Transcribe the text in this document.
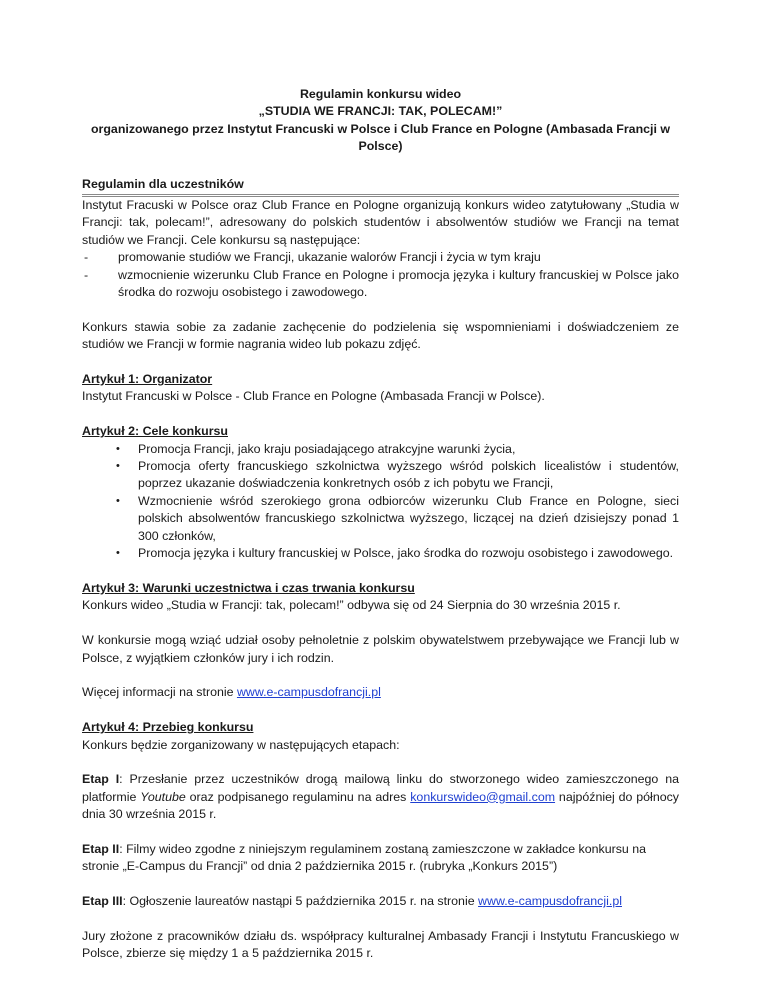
Regulamin konkursu wideo
„STUDIA WE FRANCJI: TAK, POLECAM!”
organizowanego przez Instytut Francuski w Polsce i Club France en Pologne (Ambasada Francji w
Polsce)
Regulamin dla uczestników

Instytut Fracuski w Polsce oraz Club France en Pologne organizują konkurs wideo zatytułowany „Studia w Francji: tak, polecam!”, adresowany do polskich studentów i absolwentów studiów we Francji na temat studiów we Francji. Cele konkursu są następujące:

- promowanie studiów we Francji, ukazanie walorów Francji i życia w tym kraju
- wzmocnienie wizerunku Club France en Pologne i promocja języka i kultury francuskiej w Polsce jako środka do rozwoju osobistego i zawodowego.

Konkurs stawia sobie za zadanie zachęcenie do podzielenia się wspomnieniami i doświadczeniem ze studiów we Francji w formie nagrania wideo lub pokazu zdjęć.

Artykuł 1: Organizator

Instytut Francuski w Polsce - Club France en Pologne (Ambasada Francji w Polsce).

Artykuł 2: Cele konkursu
• Promocja Francji, jako kraju posiadającego atrakcyjne warunki życia,
• Promocja oferty francuskiego szkolnictwa wyższego wśród polskich licealistów i studentów, poprzez ukazanie doświadczenia konkretnych osób z ich pobytu we Francji,
• Wzmocnienie wśród szerokiego grona odbiorców wizerunku Club France en Pologne, sieci polskich absolwentów francuskiego szkolnictwa wyższego, liczącej na dzień dzisiejszy ponad 1 300 członków,
• Promocja języka i kultury francuskiej w Polsce, jako środka do rozwoju osobistego i zawodowego.
Artykuł 3: Warunki uczestnictwa i czas trwania konkursu

Konkurs wideo „Studia w Francji: tak, polecam!” odbywa się od 24 Sierpnia do 30 września 2015 r.

W konkursie mogą wziąć udział osoby pełnoletnie z polskim obywatelstwem przebywające we Francji lub w Polsce, z wyjątkiem członków jury i ich rodzin.

Więcej informacji na stronie www.e-campusdofrancji.pl

Artykuł 4: Przebieg konkursu

Konkurs będzie zorganizowany w następujących etapach:

Etap I: Przesłanie przez uczestników drogą mailową linku do stworzonego wideo zamieszczonego na platformie Youtube oraz podpisanego regulaminu na adres konkurswideo@gmail.com najpóźniej do północy dnia 30 września 2015 r.

Etap II: Filmy wideo zgodne z niniejszym regulaminem zostaną zamieszczone w zakładce konkursu na stronie „E-Campus du Francji” od dnia 2 października 2015 r. (rubryka „Konkurs 2015”)

Etap III: Ogłoszenie laureatów nastąpi 5 października 2015 r. na stronie www.e-campusdofrancji.pl

Jury złożone z pracowników działu ds. współpracy kulturalnej Ambasady Francji i Instytutu Francuskiego w Polsce, zbierze się między 1 a 5 października 2015 r.
